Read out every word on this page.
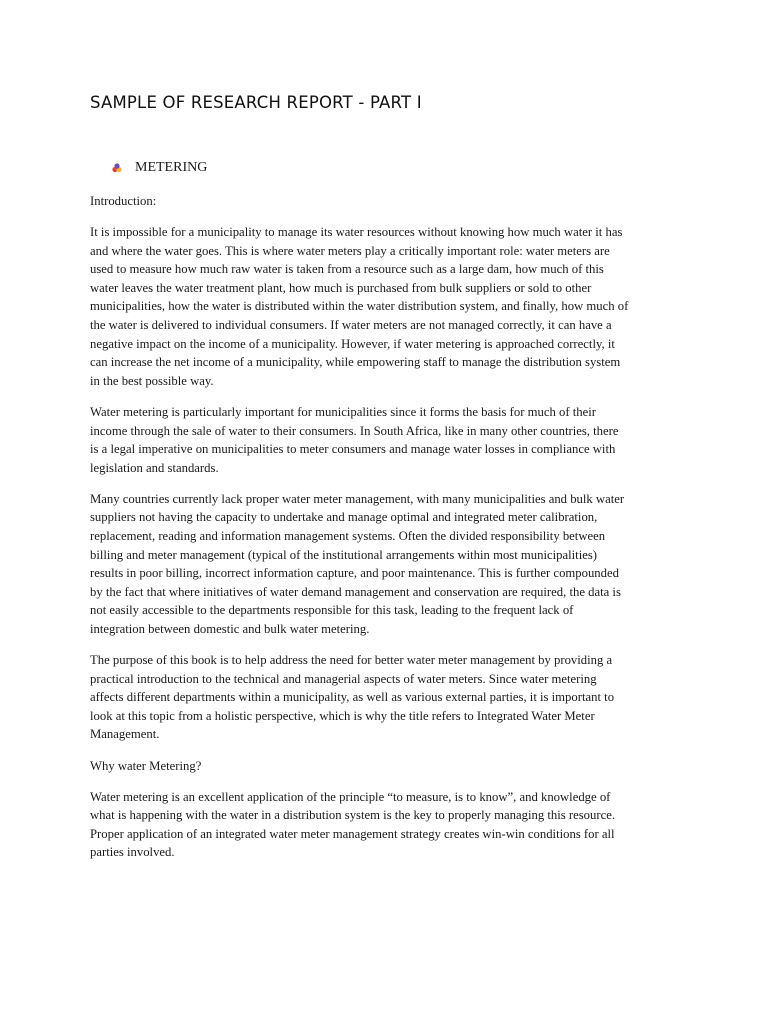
SAMPLE OF RESEARCH REPORT - PART I
METERING

Introduction:

It is impossible for a municipality to manage its water resources without knowing how much water it has
and where the water goes. This is where water meters play a critically important role: water meters are
used to measure how much raw water is taken from a resource such as a large dam, how much of this
water leaves the water treatment plant, how much is purchased from bulk suppliers or sold to other
municipalities, how the water is distributed within the water distribution system, and finally, how much of
the water is delivered to individual consumers. If water meters are not managed correctly, it can have a
negative impact on the income of a municipality. However, if water metering is approached correctly, it
can increase the net income of a municipality, while empowering staff to manage the distribution system
in the best possible way.

Water metering is particularly important for municipalities since it forms the basis for much of their
income through the sale of water to their consumers. In South Africa, like in many other countries, there
is a legal imperative on municipalities to meter consumers and manage water losses in compliance with
legislation and standards.

Many countries currently lack proper water meter management, with many municipalities and bulk water
suppliers not having the capacity to undertake and manage optimal and integrated meter calibration,
replacement, reading and information management systems. Often the divided responsibility between
billing and meter management (typical of the institutional arrangements within most municipalities)
results in poor billing, incorrect information capture, and poor maintenance. This is further compounded
by the fact that where initiatives of water demand management and conservation are required, the data is
not easily accessible to the departments responsible for this task, leading to the frequent lack of
integration between domestic and bulk water metering.

The purpose of this book is to help address the need for better water meter management by providing a
practical introduction to the technical and managerial aspects of water meters. Since water metering
affects different departments within a municipality, as well as various external parties, it is important to
look at this topic from a holistic perspective, which is why the title refers to Integrated Water Meter
Management.

Why water Metering?

Water metering is an excellent application of the principle “to measure, is to know”, and knowledge of
what is happening with the water in a distribution system is the key to properly managing this resource.
Proper application of an integrated water meter management strategy creates win-win conditions for all
parties involved.
